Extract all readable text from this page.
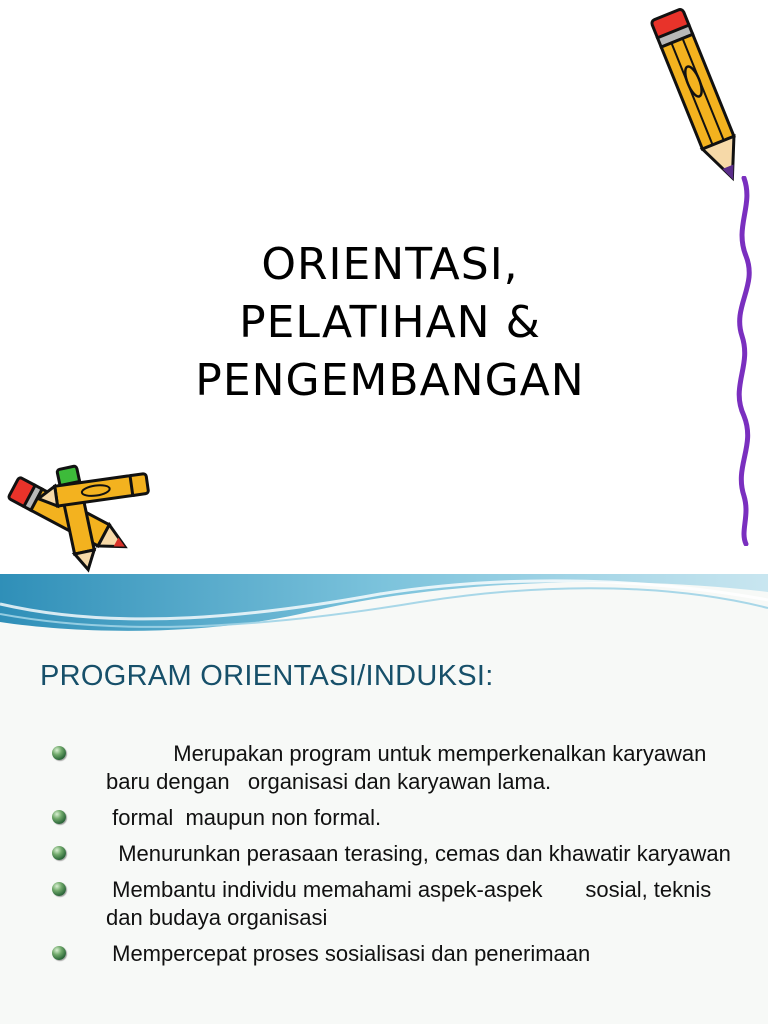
ORIENTASI,
PELATIHAN &
PENGEMBANGAN
PROGRAM ORIENTASI/INDUKSI:
Merupakan program untuk memperkenalkan karyawan baru dengan   organisasi dan karyawan lama.
formal  maupun non formal.
Menurunkan perasaan terasing, cemas dan khawatir karyawan
Membantu individu memahami aspek-aspek       sosial, teknis dan budaya organisasi
Mempercepat proses sosialisasi dan penerimaan
